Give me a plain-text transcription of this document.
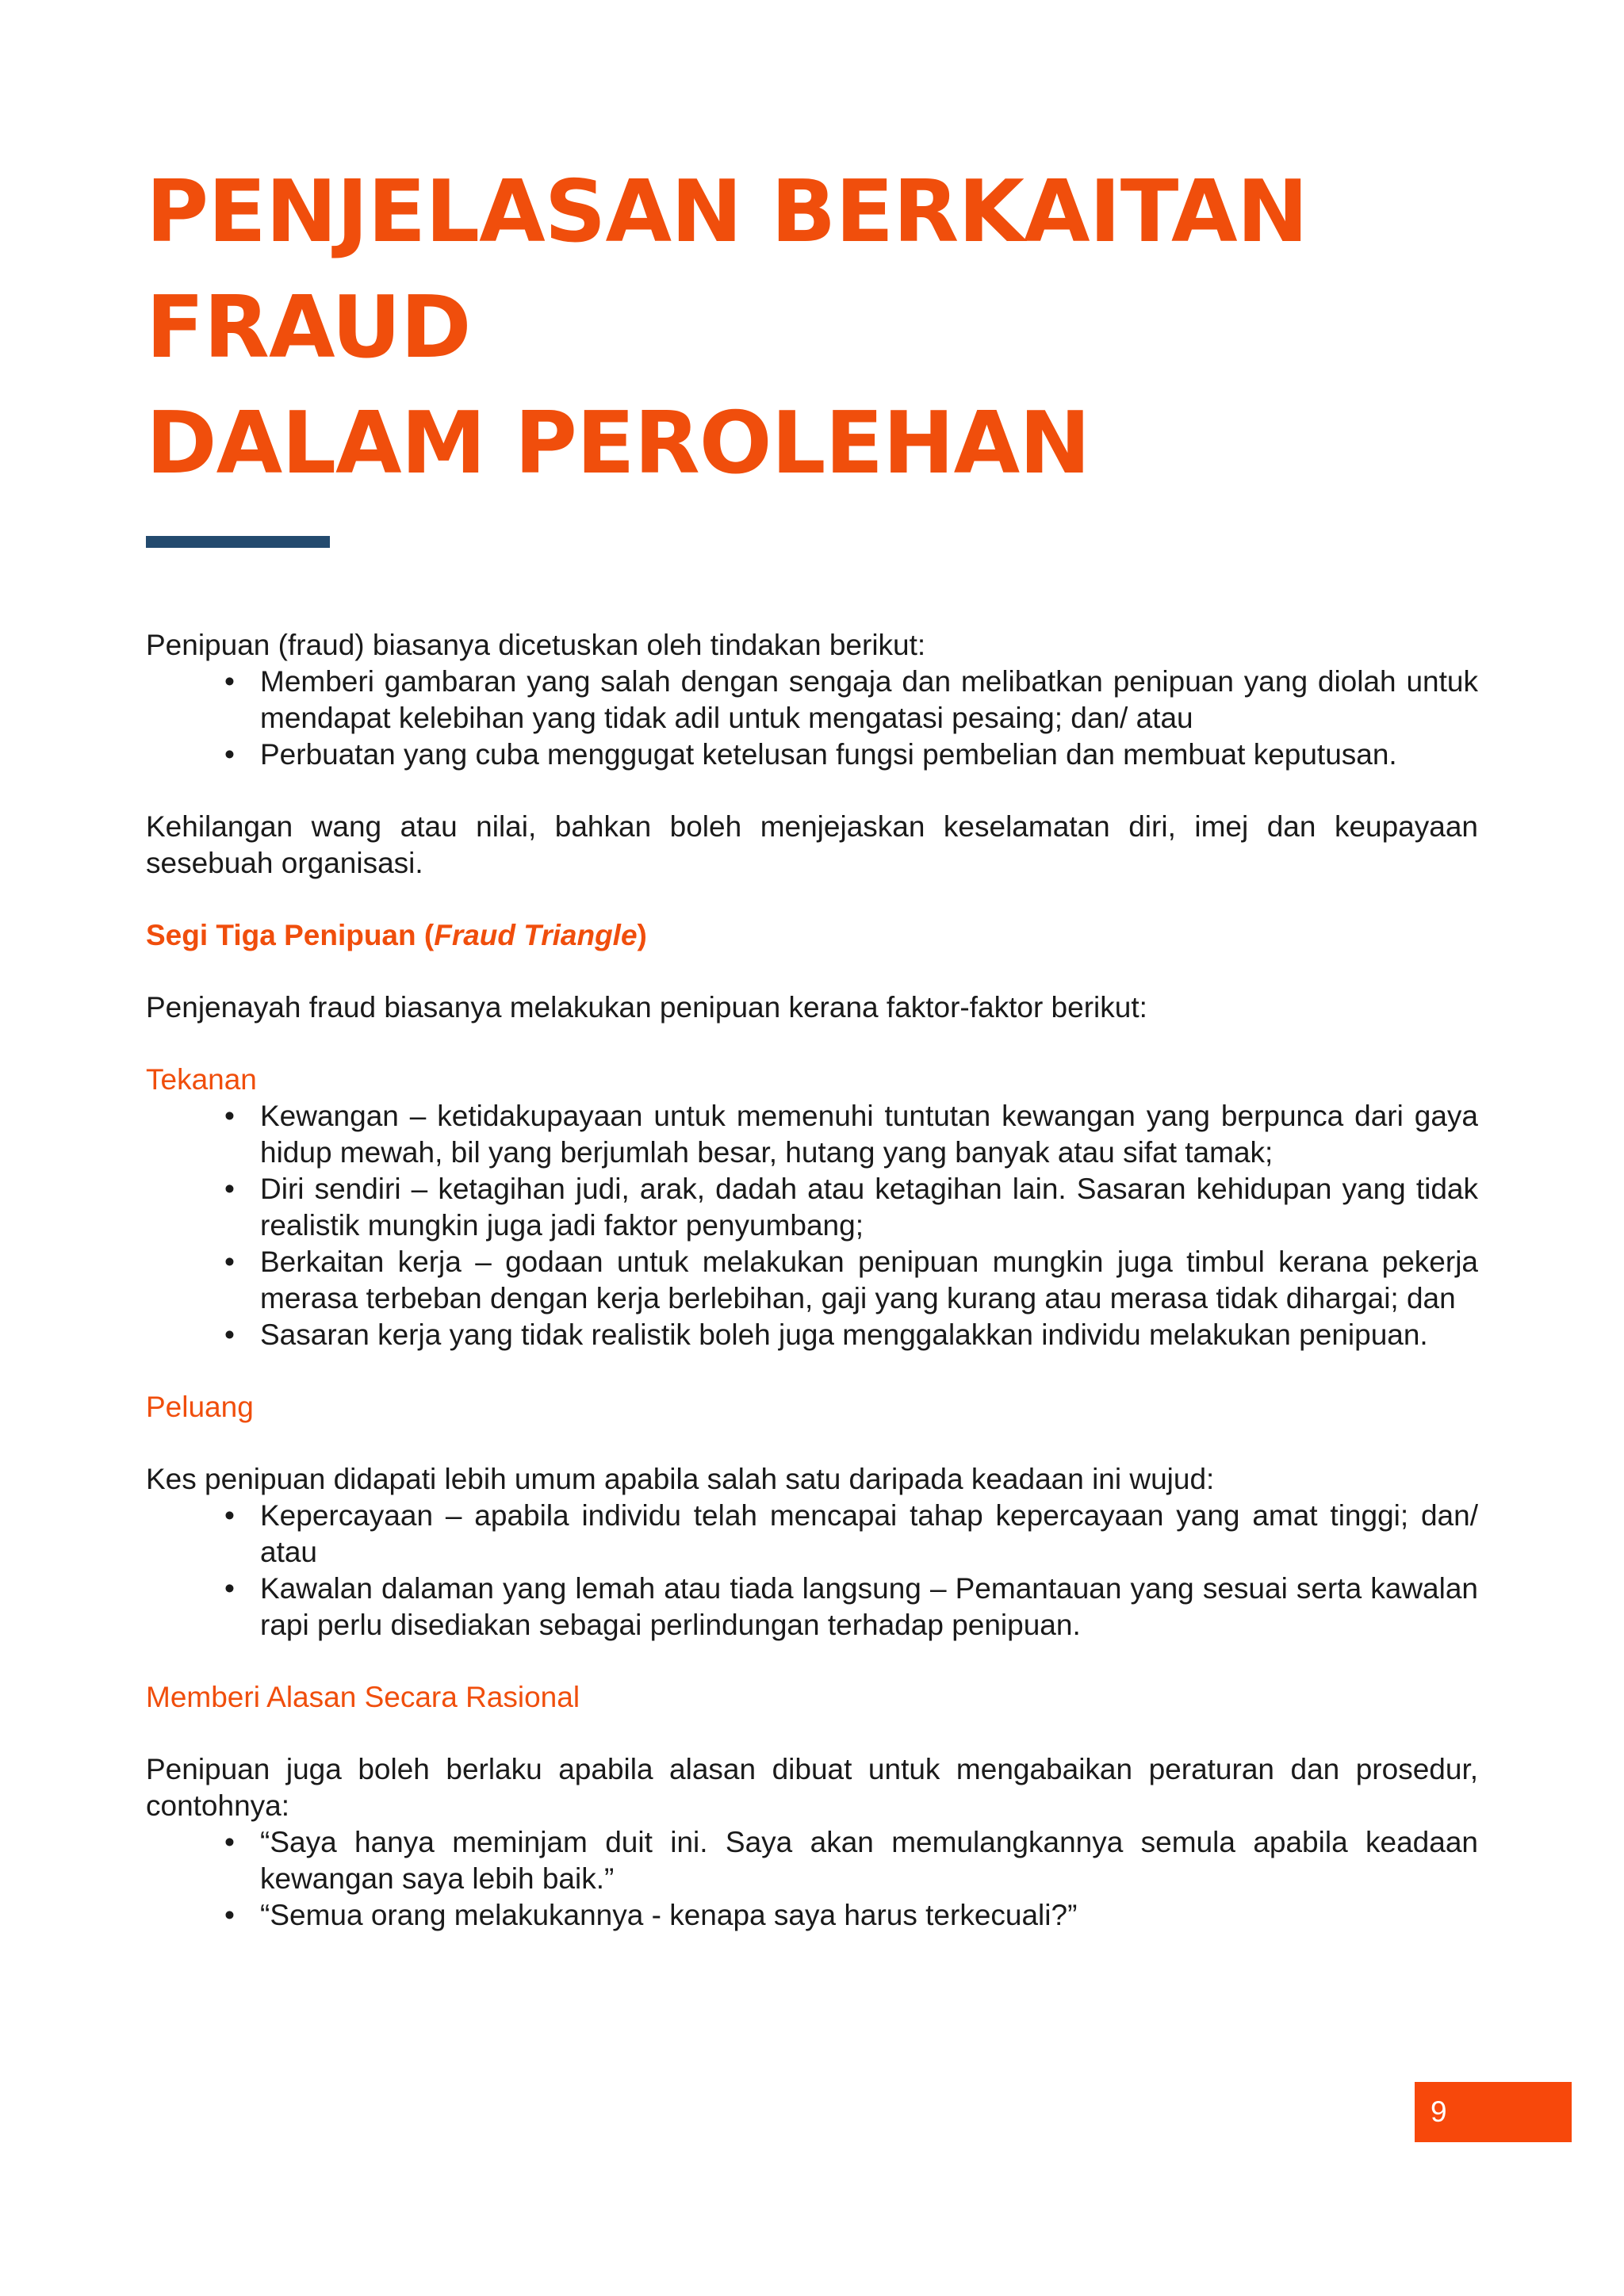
PENJELASAN BERKAITAN FRAUD
DALAM PEROLEHAN

Penipuan (fraud) biasanya dicetuskan oleh tindakan berikut:

• Memberi gambaran yang salah dengan sengaja dan melibatkan penipuan yang diolah untuk mendapat kelebihan yang tidak adil untuk mengatasi pesaing; dan/ atau
• Perbuatan yang cuba menggugat ketelusan fungsi pembelian dan membuat keputusan.

Kehilangan wang atau nilai, bahkan boleh menjejaskan keselamatan diri, imej dan keupayaan sesebuah organisasi.

Segi Tiga Penipuan (Fraud Triangle)

Penjenayah fraud biasanya melakukan penipuan kerana faktor-faktor berikut:

Tekanan

• Kewangan – ketidakupayaan untuk memenuhi tuntutan kewangan yang berpunca dari gaya hidup mewah, bil yang berjumlah besar, hutang yang banyak atau sifat tamak;
• Diri sendiri – ketagihan judi, arak, dadah atau ketagihan lain. Sasaran kehidupan yang tidak realistik mungkin juga jadi faktor penyumbang;
• Berkaitan kerja – godaan untuk melakukan penipuan mungkin juga timbul kerana pekerja merasa terbeban dengan kerja berlebihan, gaji yang kurang atau merasa tidak dihargai; dan
• Sasaran kerja yang tidak realistik boleh juga menggalakkan individu melakukan penipuan.

Peluang

Kes penipuan didapati lebih umum apabila salah satu daripada keadaan ini wujud:

• Kepercayaan – apabila individu telah mencapai tahap kepercayaan yang amat tinggi; dan/ atau
• Kawalan dalaman yang lemah atau tiada langsung – Pemantauan yang sesuai serta kawalan rapi perlu disediakan sebagai perlindungan terhadap penipuan.

Memberi Alasan Secara Rasional

Penipuan juga boleh berlaku apabila alasan dibuat untuk mengabaikan peraturan dan prosedur, contohnya:

• “Saya hanya meminjam duit ini. Saya akan memulangkannya semula apabila keadaan kewangan saya lebih baik.”
• “Semua orang melakukannya - kenapa saya harus terkecuali?”
9
